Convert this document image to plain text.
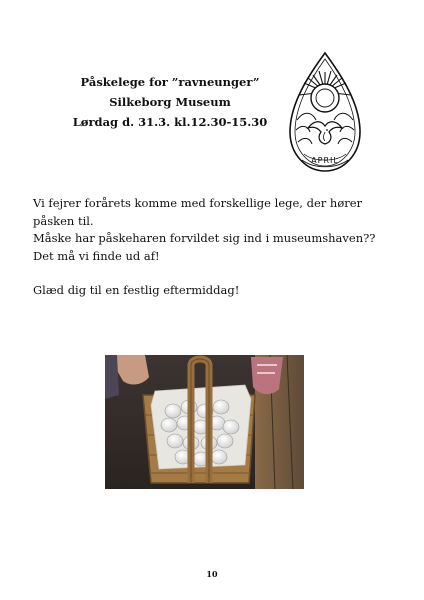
Påskelege for ”ravneunger”
Silkeborg Museum
Lørdag d. 31.3. kl.12.30-15.30
APRIL

Vi fejrer forårets komme med forskellige lege, der hører påsken til.

Måske har påskeharen forvildet sig ind i museumshaven??

Det må vi finde ud af!

Glæd dig til en festlig eftermiddag!

10
